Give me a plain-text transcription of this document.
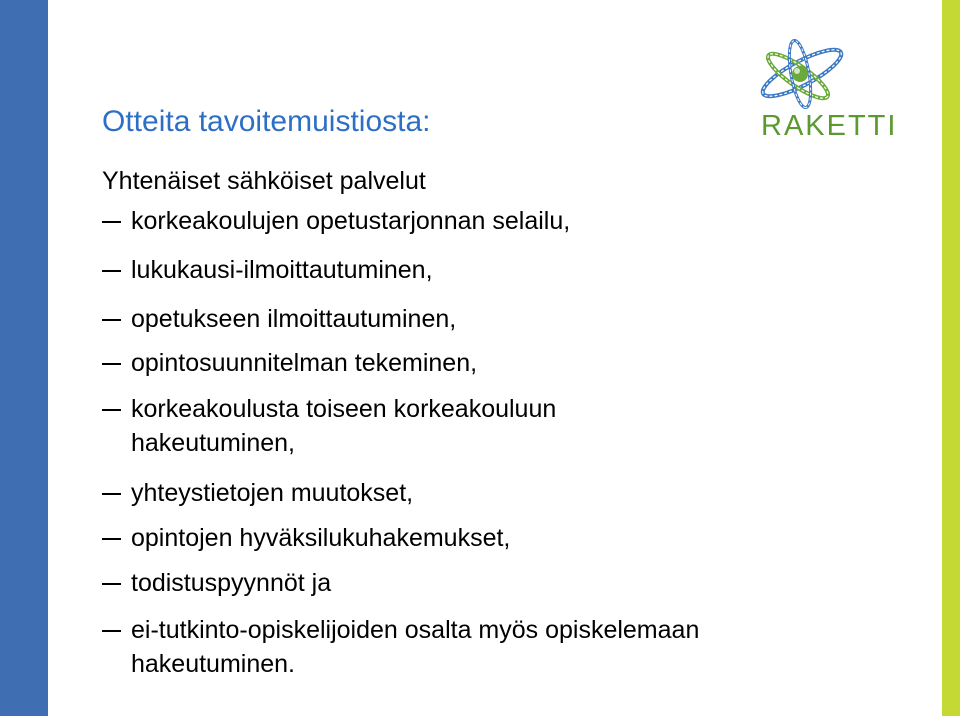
Otteita tavoitemuistiosta:
Yhtenäiset sähköiset palvelut
korkeakoulujen opetustarjonnan selailu,
lukukausi-ilmoittautuminen,
opetukseen ilmoittautuminen,
opintosuunnitelman tekeminen,
korkeakoulusta toiseen korkeakouluun
hakeutuminen,
yhteystietojen muutokset,
opintojen hyväksilukuhakemukset,
todistuspyynnöt ja
ei-tutkinto-opiskelijoiden osalta myös opiskelemaan
hakeutuminen.
RAKETTI
